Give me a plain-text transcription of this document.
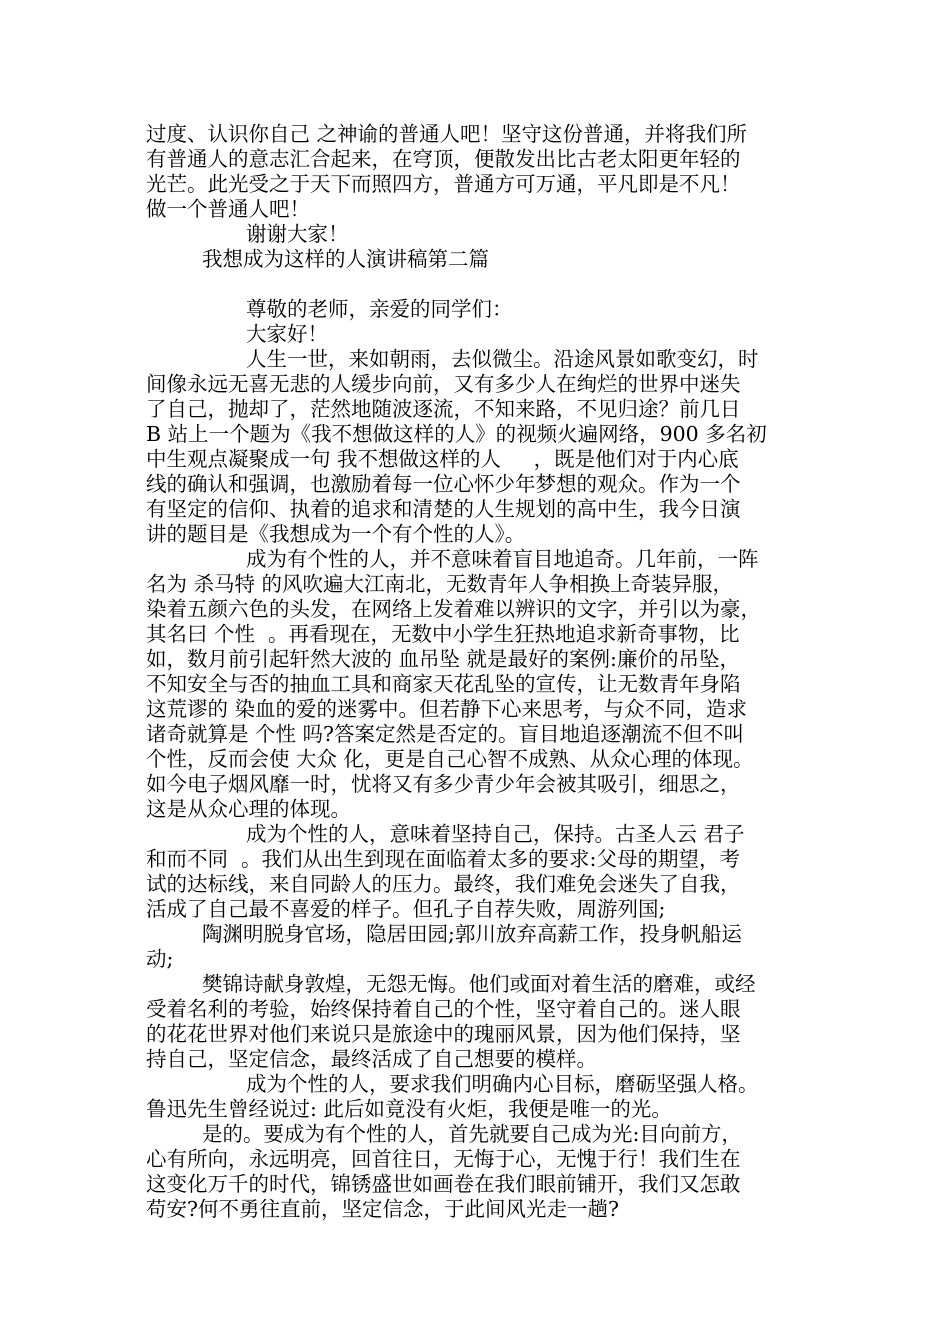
过度、认识你自己 之神谕的普通人吧！坚守这份普通，并将我们所
有普通人的意志汇合起来，在穹顶，便散发出比古老太阳更年轻的
光芒。此光受之于天下而照四方，普通方可万通，平凡即是不凡！
做一个普通人吧！
谢谢大家！
我想成为这样的人演讲稿第二篇
尊敬的老师，亲爱的同学们：
大家好！
人生一世，来如朝雨，去似微尘。沿途风景如歌变幻，时
间像永远无喜无悲的人缓步向前，又有多少人在绚烂的世界中迷失
了自己，抛却了，茫然地随波逐流，不知来路，不见归途？前几日
B 站上一个题为《我不想做这样的人》的视频火遍网络，900 多名初
中生观点凝聚成一句 我不想做这样的人     ，既是他们对于内心底
线的确认和强调，也激励着每一位心怀少年梦想的观众。作为一个
有坚定的信仰、执着的追求和清楚的人生规划的高中生，我今日演
讲的题目是《我想成为一个有个性的人》。
成为有个性的人，并不意味着盲目地追奇。几年前，一阵
名为 杀马特 的风吹遍大江南北，无数青年人争相换上奇装异服，
染着五颜六色的头发，在网络上发着难以辨识的文字，并引以为豪，
其名曰 个性  。再看现在，无数中小学生狂热地追求新奇事物，比
如，数月前引起轩然大波的 血吊坠 就是最好的案例:廉价的吊坠，
不知安全与否的抽血工具和商家天花乱坠的宣传，让无数青年身陷
这荒谬的 染血的爱的迷雾中。但若静下心来思考，与众不同，造求
诸奇就算是 个性 吗?答案定然是否定的。盲目地追逐潮流不但不叫
个性，反而会使 大众 化，更是自己心智不成熟、从众心理的体现。
如今电子烟风靡一时，忧将又有多少青少年会被其吸引，细思之，
这是从众心理的体现。
成为个性的人，意味着坚持自己，保持。古圣人云 君子
和而不同  。我们从出生到现在面临着太多的要求:父母的期望，考
试的达标线，来自同龄人的压力。最终，我们难免会迷失了自我，
活成了自己最不喜爱的样子。但孔子自荐失败，周游列国;
陶渊明脱身官场，隐居田园;郭川放弃高薪工作，投身帆船运
动;
樊锦诗献身敦煌，无怨无悔。他们或面对着生活的磨难，或经
受着名利的考验，始终保持着自己的个性，坚守着自己的。迷人眼
的花花世界对他们来说只是旅途中的瑰丽风景，因为他们保持，坚
持自己，坚定信念，最终活成了自己想要的模样。
成为个性的人，要求我们明确内心目标，磨砺坚强人格。
鲁迅先生曾经说过: 此后如竟没有火炬，我便是唯一的光。
是的。要成为有个性的人，首先就要自己成为光:目向前方，
心有所向，永远明亮，回首往日，无悔于心，无愧于行！我们生在
这变化万千的时代，锦锈盛世如画卷在我们眼前铺开，我们又怎敢
苟安?何不勇往直前，坚定信念，于此间风光走一趟?
